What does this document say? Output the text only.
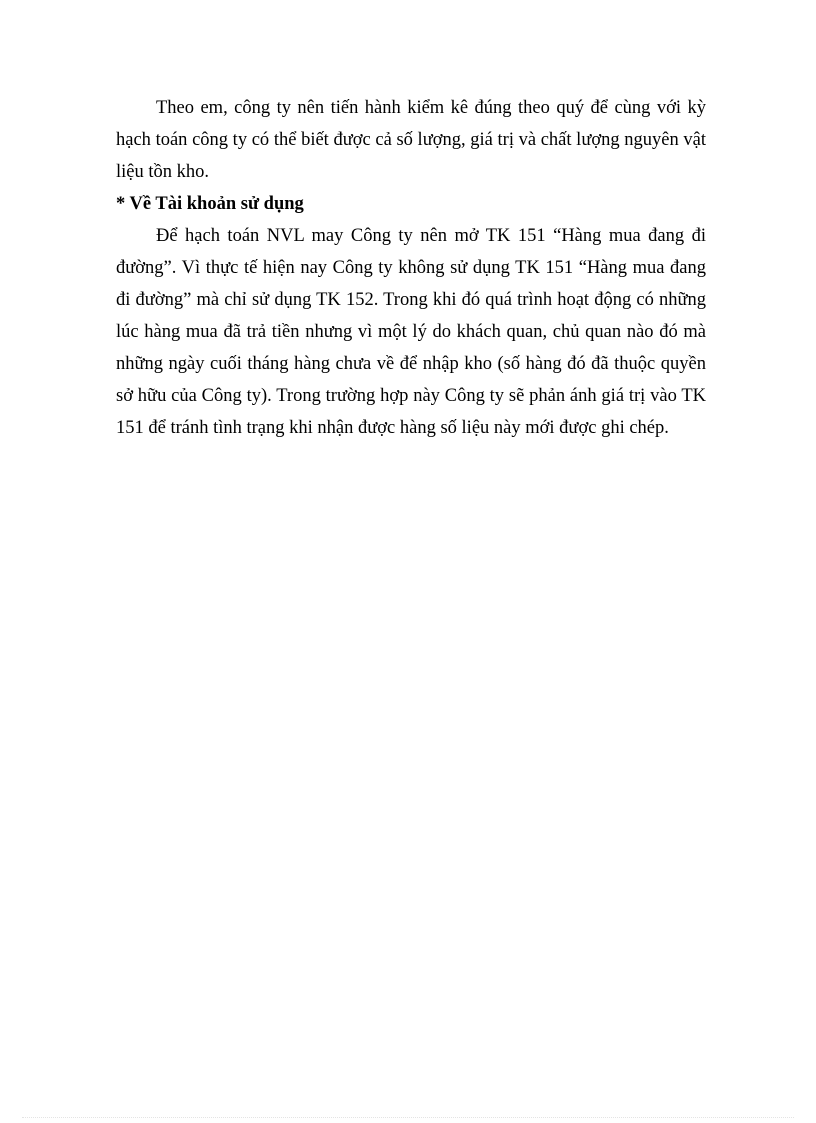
Theo em, công ty nên tiến hành kiểm kê đúng theo quý để cùng với kỳ hạch toán công ty có thể biết được cả số lượng, giá trị và chất lượng nguyên vật liệu tồn kho.

* Về Tài khoản sử dụng

Để hạch toán NVL may Công ty nên mở TK 151 “Hàng mua đang đi đường”. Vì thực tế hiện nay Công ty không sử dụng TK 151 “Hàng mua đang đi đường” mà chỉ sử dụng TK 152. Trong khi đó quá trình hoạt động có những lúc hàng mua đã trả tiền nhưng vì một lý do khách quan, chủ quan nào đó mà những ngày cuối tháng hàng chưa về để nhập kho (số hàng đó đã thuộc quyền sở hữu của Công ty). Trong trường hợp này Công ty sẽ phản ánh giá trị vào TK 151 để tránh tình trạng khi nhận được hàng số liệu này mới được ghi chép.
